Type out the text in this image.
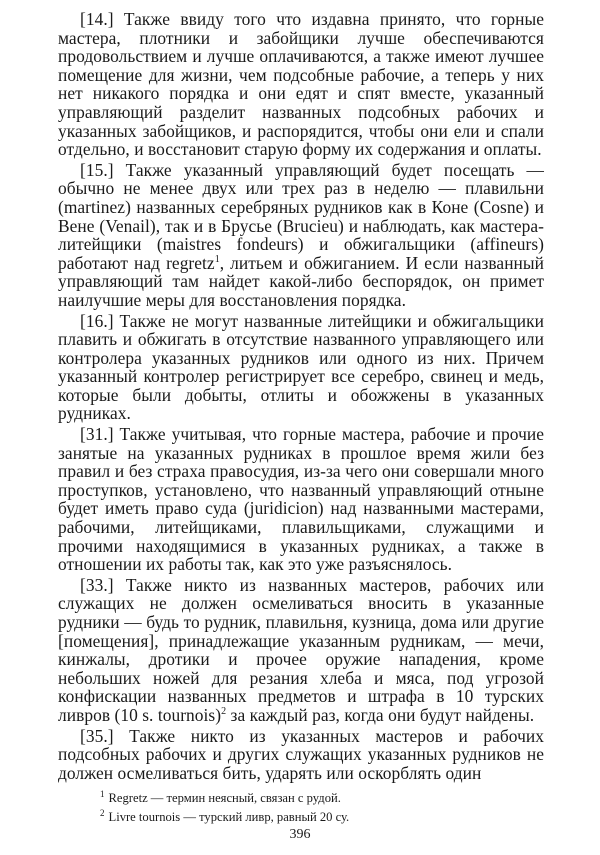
[14.] Также ввиду того что издавна принято, что горные мастера, плотники и забойщики лучше обеспечиваются продовольствием и лучше оплачиваются, а также имеют лучшее помещение для жизни, чем подсобные рабочие, а теперь у них нет никакого порядка и они едят и спят вместе, указанный управляющий разделит названных подсобных рабочих и указанных забойщиков, и распорядится, чтобы они ели и спали отдельно, и восстановит старую форму их содержания и оплаты.

[15.] Также указанный управляющий будет посещать — обычно не менее двух или трех раз в неделю — плавильни (martinez) названных серебряных рудников как в Коне (Cosne) и Вене (Venail), так и в Брусье (Brucieu) и наблюдать, как мастера-литейщики (maistres fondeurs) и обжигальщики (affineurs) работают над regretz$^1$, литьем и обжиганием. И если названный управляющий там найдет какой-либо беспорядок, он примет наилучшие меры для восстановления порядка.

[16.] Также не могут названные литейщики и обжигальщики плавить и обжигать в отсутствие названного управляющего или контролера указанных рудников или одного из них. Причем указанный контролер регистрирует все серебро, свинец и медь, которые были добыты, отлиты и обожжены в указанных рудниках.

[31.] Также учитывая, что горные мастера, рабочие и прочие занятые на указанных рудниках в прошлое время жили без правил и без страха правосудия, из-за чего они совершали много проступков, установлено, что названный управляющий отныне будет иметь право суда (juridicion) над названными мастерами, рабочими, литейщиками, плавильщиками, служащими и прочими находящимися в указанных рудниках, а также в отношении их работы так, как это уже разъяснялось.

[33.] Также никто из названных мастеров, рабочих или служащих не должен осмеливаться вносить в указанные рудники — будь то рудник, плавильня, кузница, дома или другие [помещения], принадлежащие указанным рудникам, — мечи, кинжалы, дротики и прочее оружие нападения, кроме небольших ножей для резания хлеба и мяса, под угрозой конфискации названных предметов и штрафа в 10 турских ливров (10 s. tournois)$^2$ за каждый раз, когда они будут найдены.

[35.] Также никто из указанных мастеров и рабочих подсобных рабочих и других служащих указанных рудников не должен осмеливаться бить, ударять или оскорблять один

$^1$ Regretz — термин неясный, связан с рудой.

$^2$ Livre tournois — турский ливр, равный 20 су.

396
